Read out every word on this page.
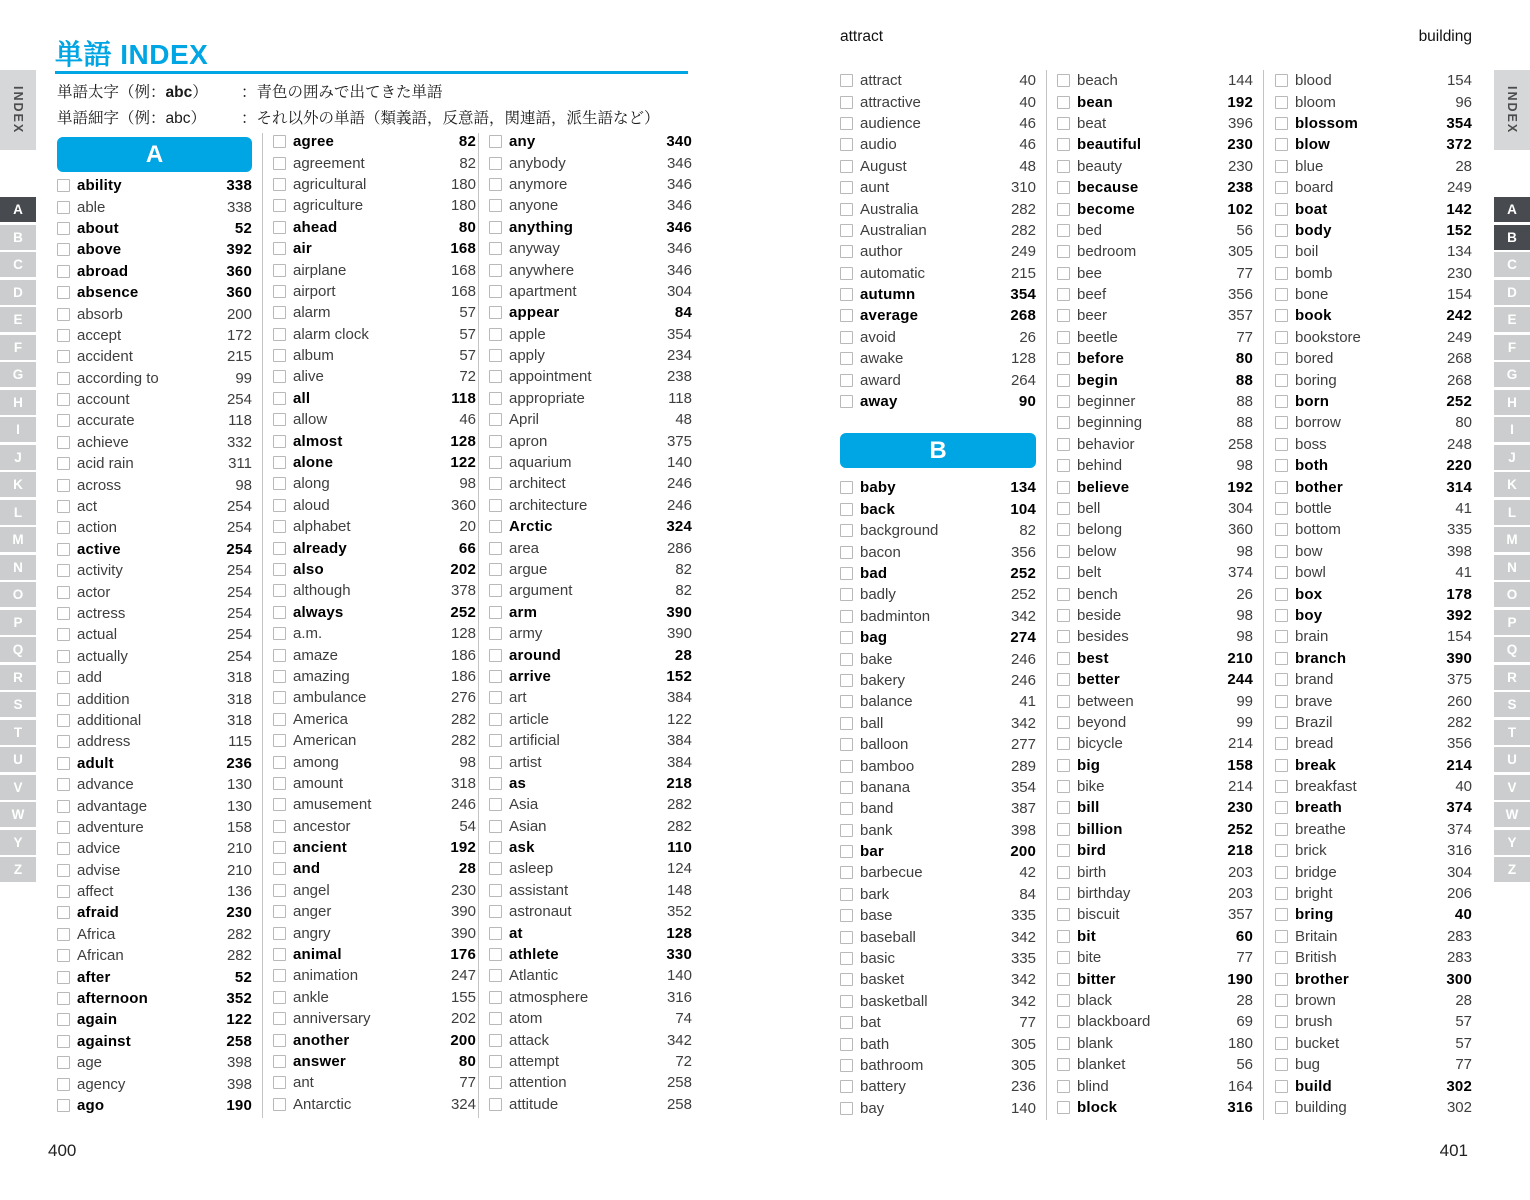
INDEX
A
B
C
D
E
F
G
H
I
J
K
L
M
N
O
P
Q
R
S
T
U
V
W
Y
Z
INDEX
A
B
C
D
E
F
G
H
I
J
K
L
M
N
O
P
Q
R
S
T
U
V
W
Y
Z
単語 INDEX
単語太字（例：abc） ：青色の囲みで出てきた単語
単語細字（例：abc） ：それ以外の単語（類義語，反意語，関連語，派生語など）
A
ability	338
able	338
about	52
above	392
abroad	360
absence	360
absorb	200
accept	172
accident	215
according to	99
account	254
accurate	118
achieve	332
acid rain	311
across	98
act	254
action	254
active	254
activity	254
actor	254
actress	254
actual	254
actually	254
add	318
addition	318
additional	318
address	115
adult	236
advance	130
advantage	130
adventure	158
advice	210
advise	210
affect	136
afraid	230
Africa	282
African	282
after	52
afternoon	352
again	122
against	258
age	398
agency	398
ago	190
agree	82
agreement	82
agricultural	180
agriculture	180
ahead	80
air	168
airplane	168
airport	168
alarm	57
alarm clock	57
album	57
alive	72
all	118
allow	46
almost	128
alone	122
along	98
aloud	360
alphabet	20
already	66
also	202
although	378
always	252
a.m.	128
amaze	186
amazing	186
ambulance	276
America	282
American	282
among	98
amount	318
amusement	246
ancestor	54
ancient	192
and	28
angel	230
anger	390
angry	390
animal	176
animation	247
ankle	155
anniversary	202
another	200
answer	80
ant	77
Antarctic	324
any	340
anybody	346
anymore	346
anyone	346
anything	346
anyway	346
anywhere	346
apartment	304
appear	84
apple	354
apply	234
appointment	238
appropriate	118
April	48
apron	375
aquarium	140
architect	246
architecture	246
Arctic	324
area	286
argue	82
argument	82
arm	390
army	390
around	28
arrive	152
art	384
article	122
artificial	384
artist	384
as	218
Asia	282
Asian	282
ask	110
asleep	124
assistant	148
astronaut	352
at	128
athlete	330
Atlantic	140
atmosphere	316
atom	74
attack	342
attempt	72
attention	258
attitude	258
attract	building
attract	40
attractive	40
audience	46
audio	46
August	48
aunt	310
Australia	282
Australian	282
author	249
automatic	215
autumn	354
average	268
avoid	26
awake	128
award	264
away	90
B
baby	134
back	104
background	82
bacon	356
bad	252
badly	252
badminton	342
bag	274
bake	246
bakery	246
balance	41
ball	342
balloon	277
bamboo	289
banana	354
band	387
bank	398
bar	200
barbecue	42
bark	84
base	335
baseball	342
basic	335
basket	342
basketball	342
bat	77
bath	305
bathroom	305
battery	236
bay	140
beach	144
bean	192
beat	396
beautiful	230
beauty	230
because	238
become	102
bed	56
bedroom	305
bee	77
beef	356
beer	357
beetle	77
before	80
begin	88
beginner	88
beginning	88
behavior	258
behind	98
believe	192
bell	304
belong	360
below	98
belt	374
bench	26
beside	98
besides	98
best	210
better	244
between	99
beyond	99
bicycle	214
big	158
bike	214
bill	230
billion	252
bird	218
birth	203
birthday	203
biscuit	357
bit	60
bite	77
bitter	190
black	28
blackboard	69
blank	180
blanket	56
blind	164
block	316
blood	154
bloom	96
blossom	354
blow	372
blue	28
board	249
boat	142
body	152
boil	134
bomb	230
bone	154
book	242
bookstore	249
bored	268
boring	268
born	252
borrow	80
boss	248
both	220
bother	314
bottle	41
bottom	335
bow	398
bowl	41
box	178
boy	392
brain	154
branch	390
brand	375
brave	260
Brazil	282
bread	356
break	214
breakfast	40
breath	374
breathe	374
brick	316
bridge	304
bright	206
bring	40
Britain	283
British	283
brother	300
brown	28
brush	57
bucket	57
bug	77
build	302
building	302
400	401
